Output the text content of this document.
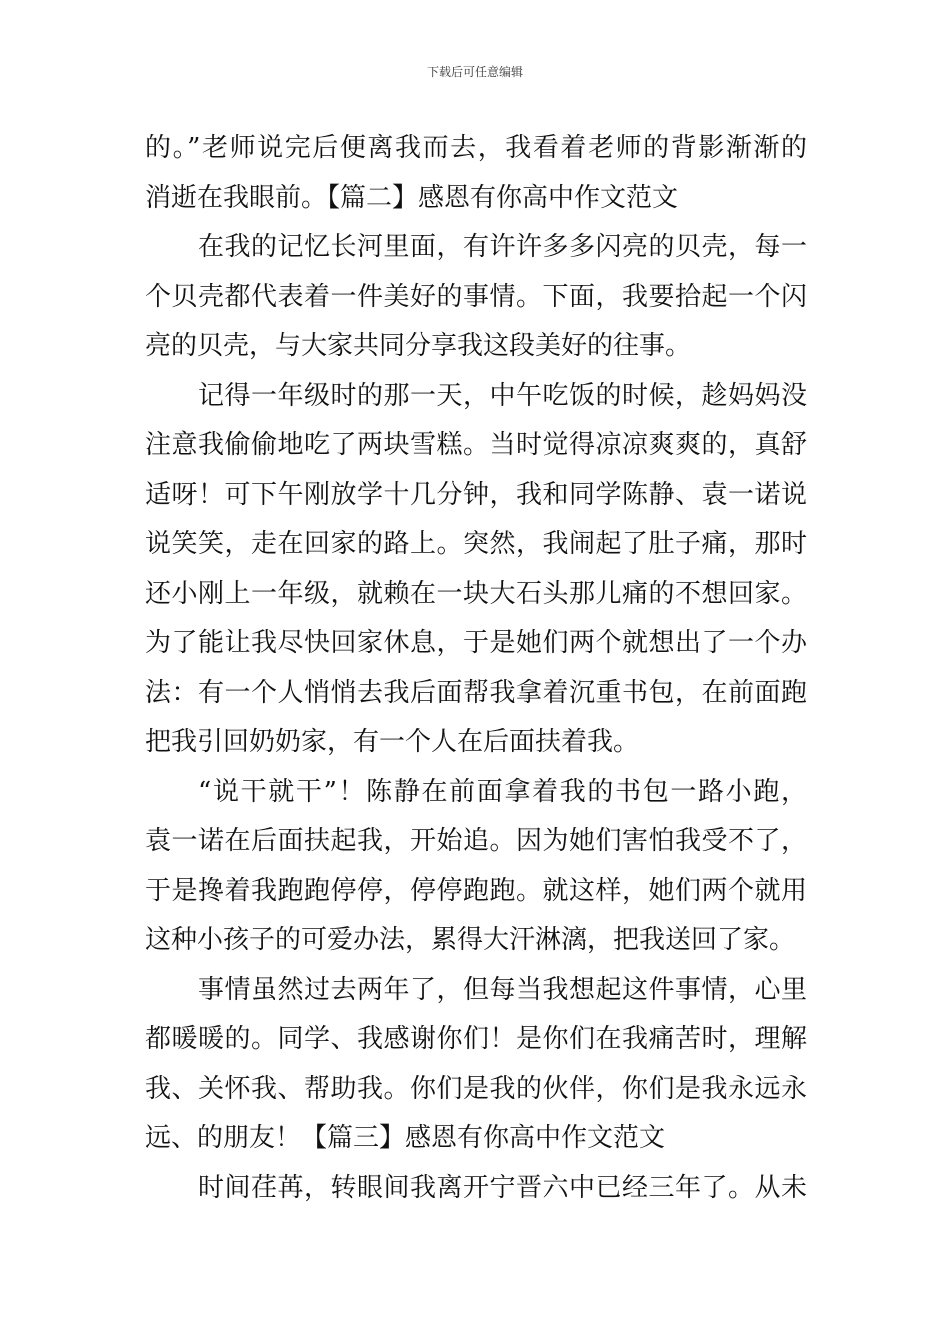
下载后可任意编辑
的。”老师说完后便离我而去，我看着老师的背影渐渐的
消逝在我眼前。【篇二】感恩有你高中作文范文
在我的记忆长河里面，有许许多多闪亮的贝壳，每一
个贝壳都代表着一件美好的事情。下面，我要拾起一个闪
亮的贝壳，与大家共同分享我这段美好的往事。
记得一年级时的那一天，中午吃饭的时候，趁妈妈没
注意我偷偷地吃了两块雪糕。当时觉得凉凉爽爽的，真舒
适呀！可下午刚放学十几分钟，我和同学陈静、袁一诺说
说笑笑，走在回家的路上。突然，我闹起了肚子痛，那时
还小刚上一年级，就赖在一块大石头那儿痛的不想回家。
为了能让我尽快回家休息，于是她们两个就想出了一个办
法：有一个人悄悄去我后面帮我拿着沉重书包，在前面跑
把我引回奶奶家，有一个人在后面扶着我。
“说干就干”！陈静在前面拿着我的书包一路小跑，
袁一诺在后面扶起我，开始追。因为她们害怕我受不了，
于是搀着我跑跑停停，停停跑跑。就这样，她们两个就用
这种小孩子的可爱办法，累得大汗淋漓，把我送回了家。
事情虽然过去两年了，但每当我想起这件事情，心里
都暖暖的。同学、我感谢你们！是你们在我痛苦时，理解
我、关怀我、帮助我。你们是我的伙伴，你们是我永远永
远、的朋友！【篇三】感恩有你高中作文范文
时间荏苒，转眼间我离开宁晋六中已经三年了。从未
